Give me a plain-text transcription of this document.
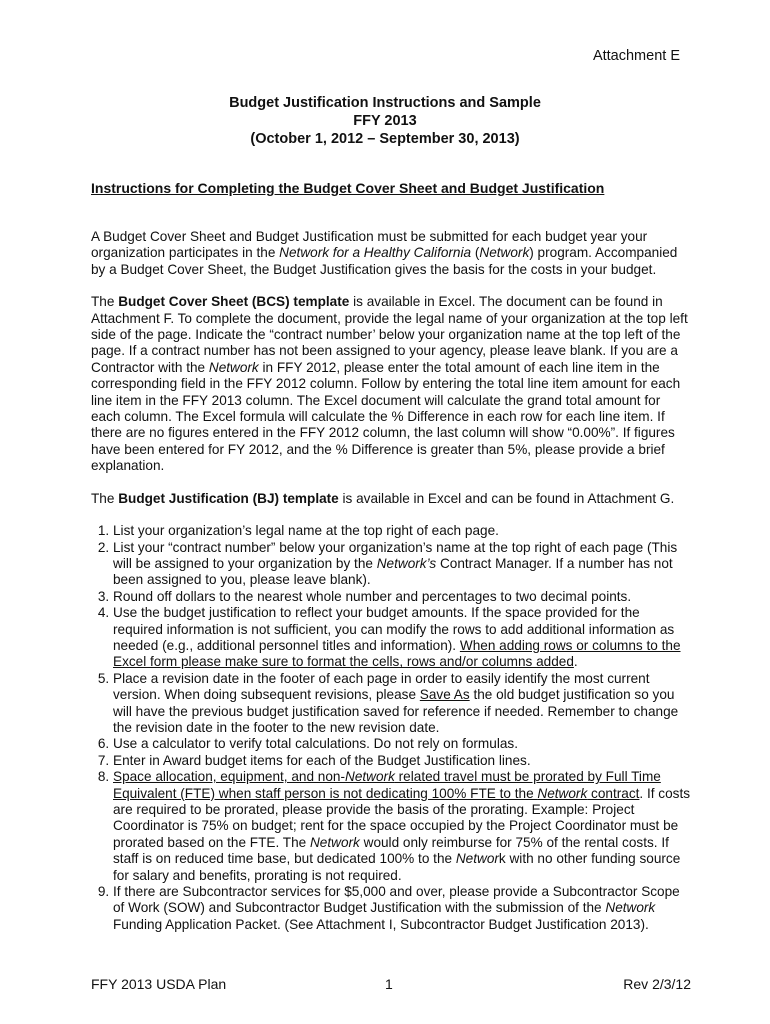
Attachment E
Budget Justification Instructions and Sample
FFY 2013
(October 1, 2012 – September 30, 2013)
Instructions for Completing the Budget Cover Sheet and Budget Justification

A Budget Cover Sheet and Budget Justification must be submitted for each budget year your organization participates in the Network for a Healthy California (Network) program. Accompanied by a Budget Cover Sheet, the Budget Justification gives the basis for the costs in your budget.

The Budget Cover Sheet (BCS) template is available in Excel. The document can be found in Attachment F. To complete the document, provide the legal name of your organization at the top left side of the page. Indicate the “contract number’ below your organization name at the top left of the page. If a contract number has not been assigned to your agency, please leave blank. If you are a Contractor with the Network in FFY 2012, please enter the total amount of each line item in the corresponding field in the FFY 2012 column. Follow by entering the total line item amount for each line item in the FFY 2013 column. The Excel document will calculate the grand total amount for each column. The Excel formula will calculate the % Difference in each row for each line item. If there are no figures entered in the FFY 2012 column, the last column will show “0.00%”. If figures have been entered for FY 2012, and the % Difference is greater than 5%, please provide a brief explanation.

The Budget Justification (BJ) template is available in Excel and can be found in Attachment G.

1. List your organization’s legal name at the top right of each page.
2. List your “contract number” below your organization’s name at the top right of each page (This will be assigned to your organization by the Network’s Contract Manager. If a number has not been assigned to you, please leave blank).
3. Round off dollars to the nearest whole number and percentages to two decimal points.
4. Use the budget justification to reflect your budget amounts. If the space provided for the required information is not sufficient, you can modify the rows to add additional information as needed (e.g., additional personnel titles and information). When adding rows or columns to the Excel form please make sure to format the cells, rows and/or columns added.
5. Place a revision date in the footer of each page in order to easily identify the most current version. When doing subsequent revisions, please Save As the old budget justification so you will have the previous budget justification saved for reference if needed. Remember to change the revision date in the footer to the new revision date.
6. Use a calculator to verify total calculations. Do not rely on formulas.
7. Enter in Award budget items for each of the Budget Justification lines.
8. Space allocation, equipment, and non-Network related travel must be prorated by Full Time Equivalent (FTE) when staff person is not dedicating 100% FTE to the Network contract. If costs are required to be prorated, please provide the basis of the prorating. Example: Project Coordinator is 75% on budget; rent for the space occupied by the Project Coordinator must be prorated based on the FTE. The Network would only reimburse for 75% of the rental costs. If staff is on reduced time base, but dedicated 100% to the Network with no other funding source for salary and benefits, prorating is not required.
9. If there are Subcontractor services for $5,000 and over, please provide a Subcontractor Scope of Work (SOW) and Subcontractor Budget Justification with the submission of the Network Funding Application Packet. (See Attachment I, Subcontractor Budget Justification 2013).
FFY 2013 USDA Plan	1	Rev 2/3/12
